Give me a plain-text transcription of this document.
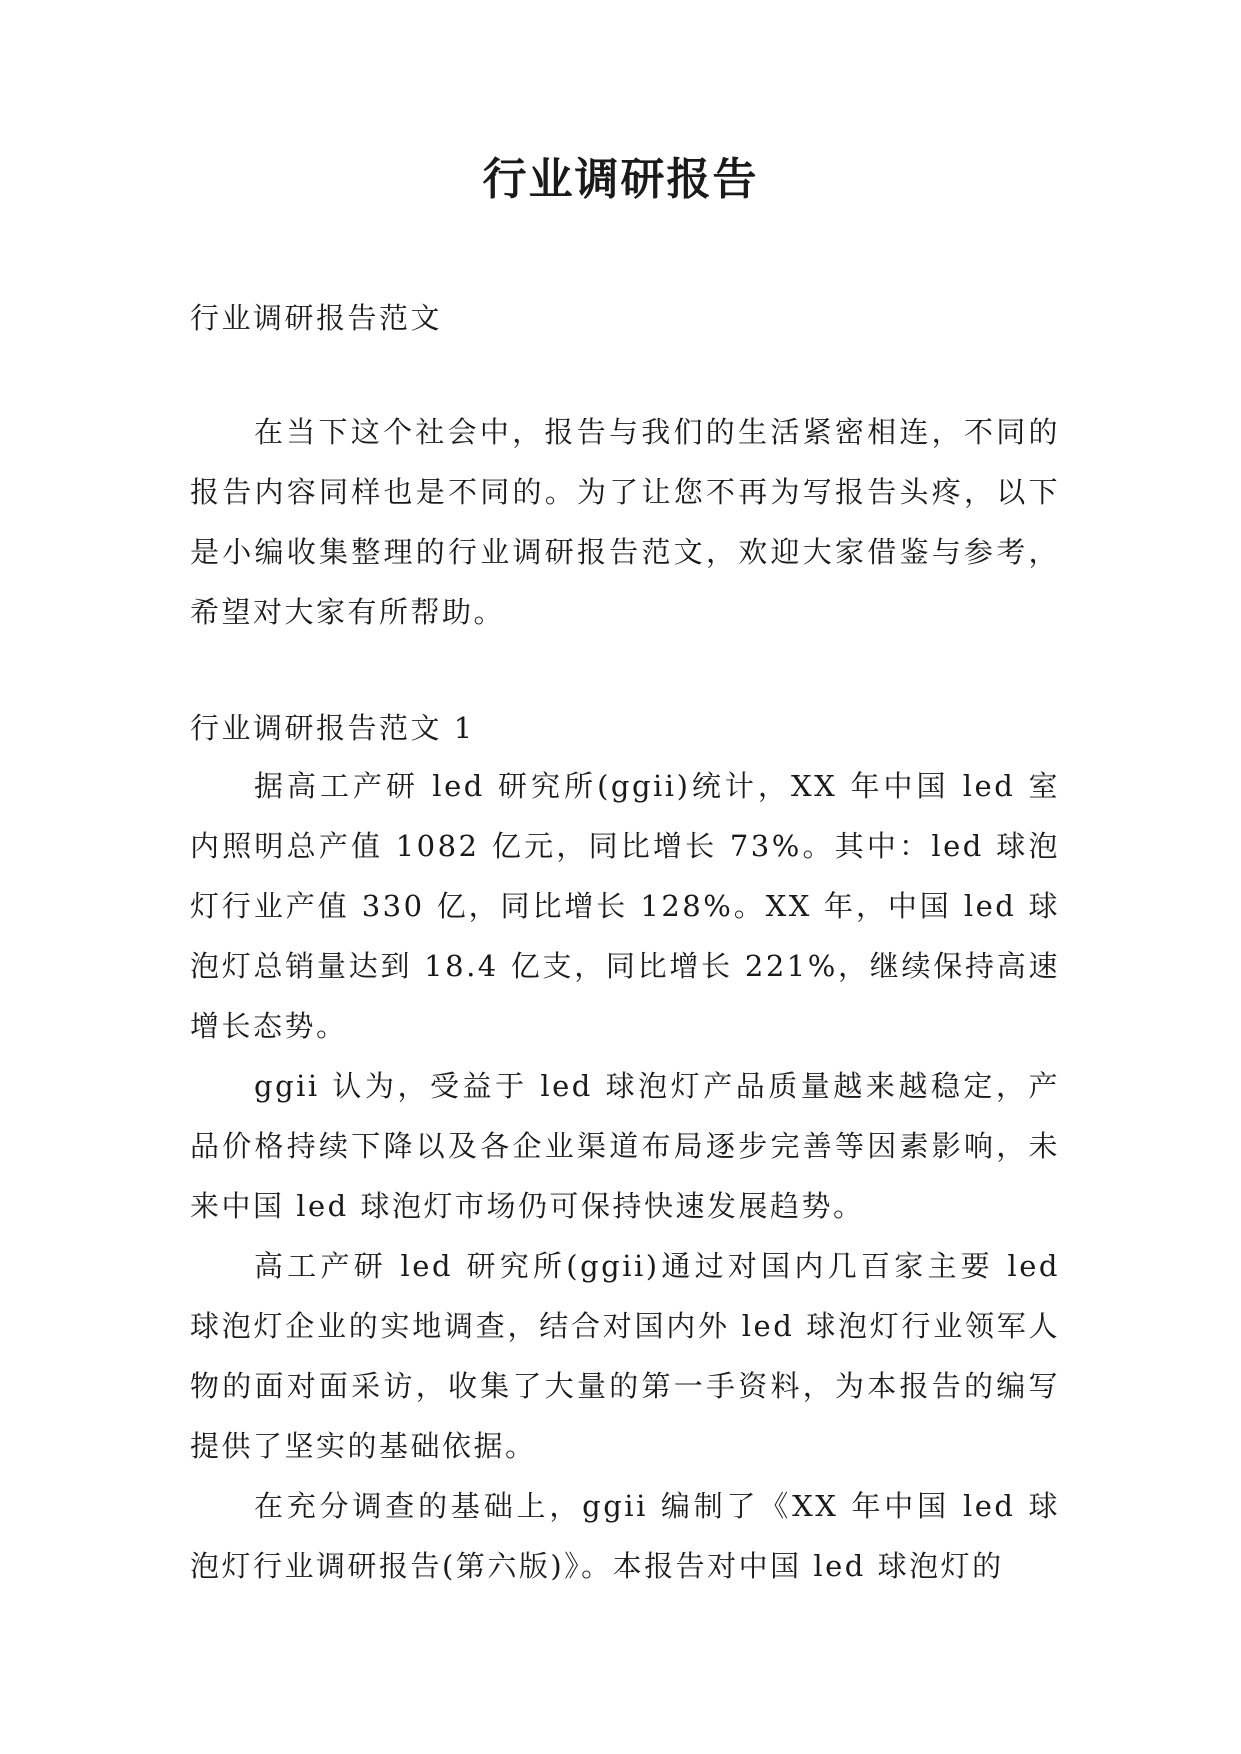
行业调研报告

行业调研报告范文

在当下这个社会中，报告与我们的生活紧密相连，不同的报告内容同样也是不同的。为了让您不再为写报告头疼，以下是小编收集整理的行业调研报告范文，欢迎大家借鉴与参考，希望对大家有所帮助。

行业调研报告范文 1

据高工产研 led 研究所(ggii)统计，XX 年中国 led 室内照明总产值 1082 亿元，同比增长 73%。其中：led 球泡灯行业产值 330 亿，同比增长 128%。XX 年，中国 led 球泡灯总销量达到 18.4 亿支，同比增长 221%，继续保持高速增长态势。

ggii 认为，受益于 led 球泡灯产品质量越来越稳定，产品价格持续下降以及各企业渠道布局逐步完善等因素影响，未来中国 led 球泡灯市场仍可保持快速发展趋势。

高工产研 led 研究所(ggii)通过对国内几百家主要 led 球泡灯企业的实地调查，结合对国内外 led 球泡灯行业领军人物的面对面采访，收集了大量的第一手资料，为本报告的编写提供了坚实的基础依据。

在充分调查的基础上，ggii 编制了《XX 年中国 led 球泡灯行业调研报告(第六版)》。本报告对中国 led 球泡灯的
